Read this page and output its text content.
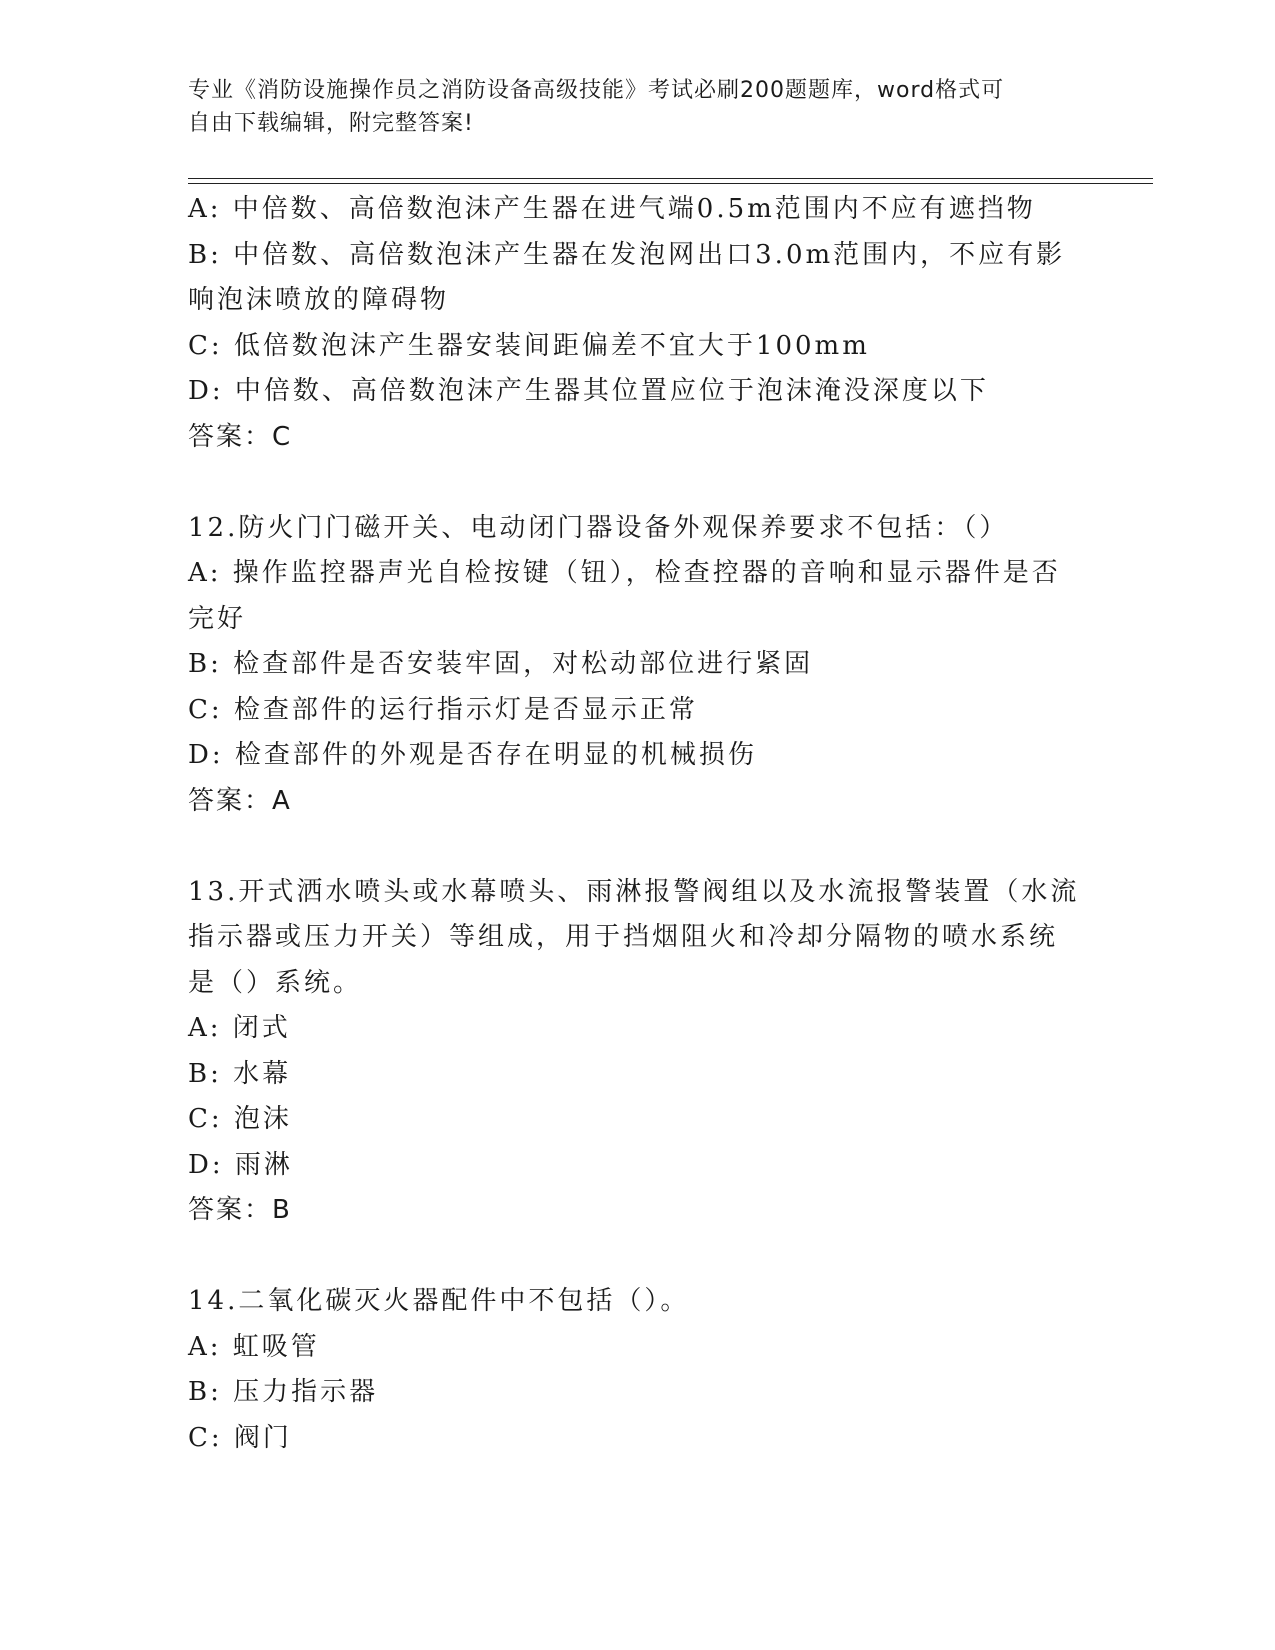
专业《消防设施操作员之消防设备高级技能》考试必刷200题题库，word格式可
自由下载编辑，附完整答案!
A: 中倍数、高倍数泡沫产生器在进气端0.5m范围内不应有遮挡物
B: 中倍数、高倍数泡沫产生器在发泡网出口3.0m范围内，不应有影
响泡沫喷放的障碍物
C: 低倍数泡沫产生器安装间距偏差不宜大于100mm
D: 中倍数、高倍数泡沫产生器其位置应位于泡沫淹没深度以下
答案：C
12.防火门门磁开关、电动闭门器设备外观保养要求不包括：（）
A: 操作监控器声光自检按键（钮），检查控器的音响和显示器件是否
完好
B: 检查部件是否安装牢固，对松动部位进行紧固
C: 检查部件的运行指示灯是否显示正常
D: 检查部件的外观是否存在明显的机械损伤
答案：A
13.开式洒水喷头或水幕喷头、雨淋报警阀组以及水流报警装置（水流
指示器或压力开关）等组成，用于挡烟阻火和冷却分隔物的喷水系统
是（）系统。
A: 闭式
B: 水幕
C: 泡沫
D: 雨淋
答案：B
14.二氧化碳灭火器配件中不包括（）。
A: 虹吸管
B: 压力指示器
C: 阀门
